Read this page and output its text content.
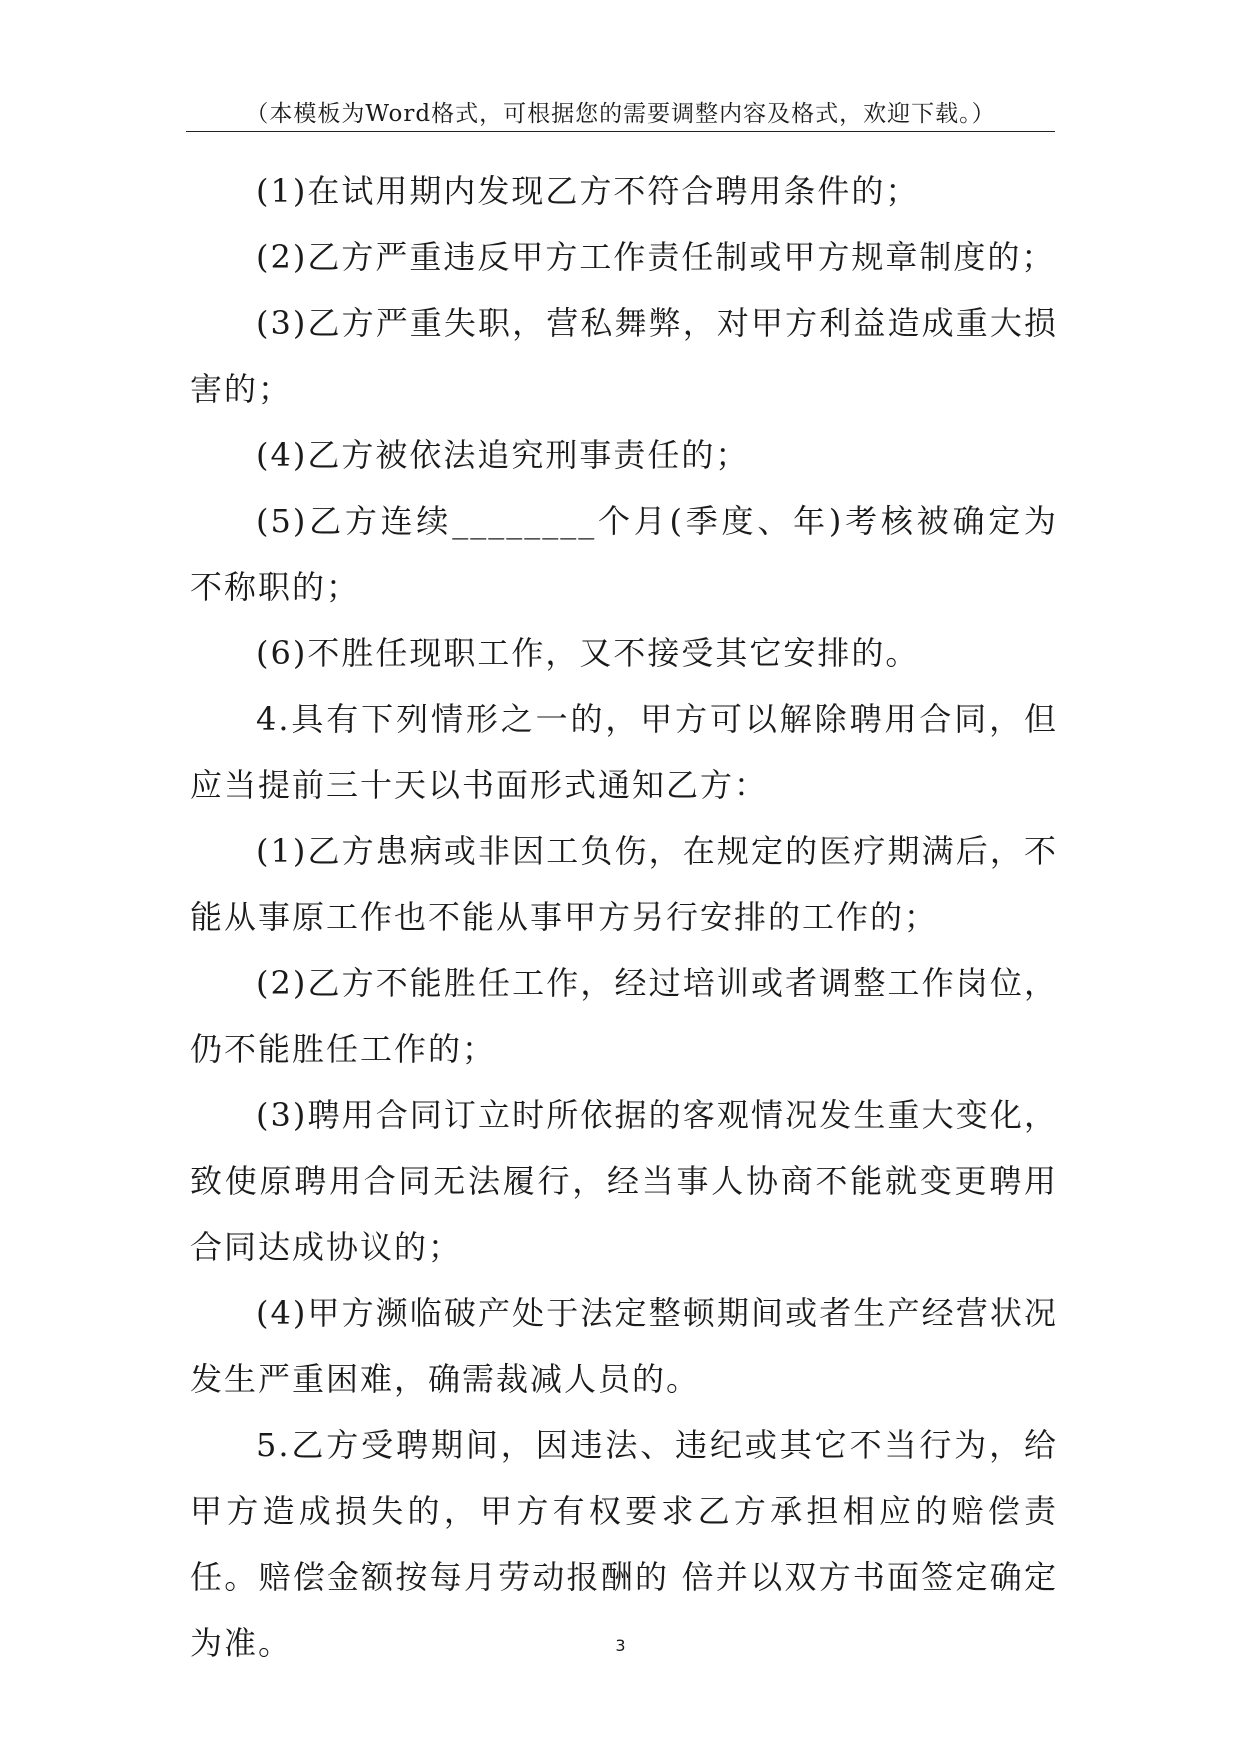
（本模板为Word格式，可根据您的需要调整内容及格式，欢迎下载。）

(1)在试用期内发现乙方不符合聘用条件的；

(2)乙方严重违反甲方工作责任制或甲方规章制度的；

(3)乙方严重失职，营私舞弊，对甲方利益造成重大损害的；

(4)乙方被依法追究刑事责任的；

(5)乙方连续________个月(季度、年)考核被确定为不称职的；

(6)不胜任现职工作，又不接受其它安排的。

4.具有下列情形之一的，甲方可以解除聘用合同，但应当提前三十天以书面形式通知乙方：

(1)乙方患病或非因工负伤，在规定的医疗期满后，不能从事原工作也不能从事甲方另行安排的工作的；

(2)乙方不能胜任工作，经过培训或者调整工作岗位，仍不能胜任工作的；

(3)聘用合同订立时所依据的客观情况发生重大变化，致使原聘用合同无法履行，经当事人协商不能就变更聘用合同达成协议的；

(4)甲方濒临破产处于法定整顿期间或者生产经营状况发生严重困难，确需裁减人员的。

5.乙方受聘期间，因违法、违纪或其它不当行为，给甲方造成损失的，甲方有权要求乙方承担相应的赔偿责任。赔偿金额按每月劳动报酬的 倍并以双方书面签定确定为准。	3
